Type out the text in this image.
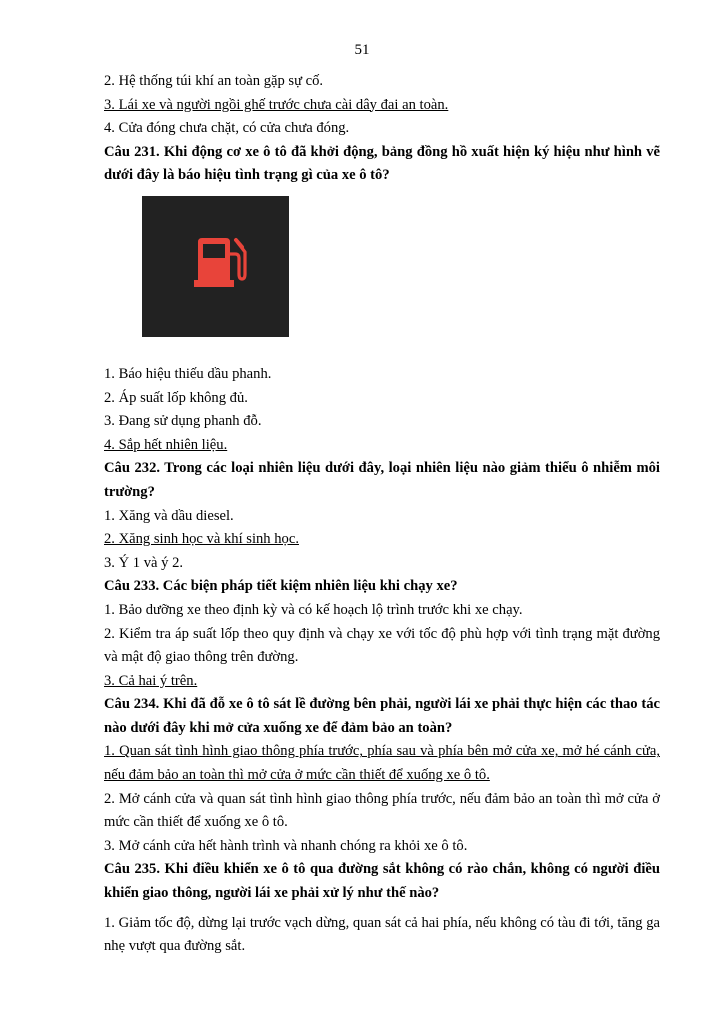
51

2. Hệ thống túi khí an toàn gặp sự cố.

3. Lái xe và người ngồi ghế trước chưa cài dây đai an toàn.

4. Cửa đóng chưa chặt, có cửa chưa đóng.

Câu 231. Khi động cơ xe ô tô đã khởi động, bảng đồng hồ xuất hiện ký hiệu như hình vẽ dưới đây là báo hiệu tình trạng gì của xe ô tô?

1. Báo hiệu thiếu dầu phanh.

2. Áp suất lốp không đủ.

3. Đang sử dụng phanh đỗ.

4. Sắp hết nhiên liệu.

Câu 232. Trong các loại nhiên liệu dưới đây, loại nhiên liệu nào giảm thiểu ô nhiễm môi trường?

1. Xăng và dầu diesel.

2. Xăng sinh học và khí sinh học.

3. Ý 1 và ý 2.

Câu 233. Các biện pháp tiết kiệm nhiên liệu khi chạy xe?

1. Bảo dưỡng xe theo định kỳ và có kế hoạch lộ trình trước khi xe chạy.

2. Kiểm tra áp suất lốp theo quy định và chạy xe với tốc độ phù hợp với tình trạng mặt đường và mật độ giao thông trên đường.

3. Cả hai ý trên.

Câu 234. Khi đã đỗ xe ô tô sát lề đường bên phải, người lái xe phải thực hiện các thao tác nào dưới đây khi mở cửa xuống xe để đảm bảo an toàn?

1. Quan sát tình hình giao thông phía trước, phía sau và phía bên mở cửa xe, mở hé cánh cửa, nếu đảm bảo an toàn thì mở cửa ở mức cần thiết để xuống xe ô tô.

2. Mở cánh cửa và quan sát tình hình giao thông phía trước, nếu đảm bảo an toàn thì mở cửa ở mức cần thiết để xuống xe ô tô.

3. Mở cánh cửa hết hành trình và nhanh chóng ra khỏi xe ô tô.

Câu 235. Khi điều khiển xe ô tô qua đường sắt không có rào chắn, không có người điều khiển giao thông, người lái xe phải xử lý như thế nào?

1. Giảm tốc độ, dừng lại trước vạch dừng, quan sát cả hai phía, nếu không có tàu đi tới, tăng ga nhẹ vượt qua đường sắt.
